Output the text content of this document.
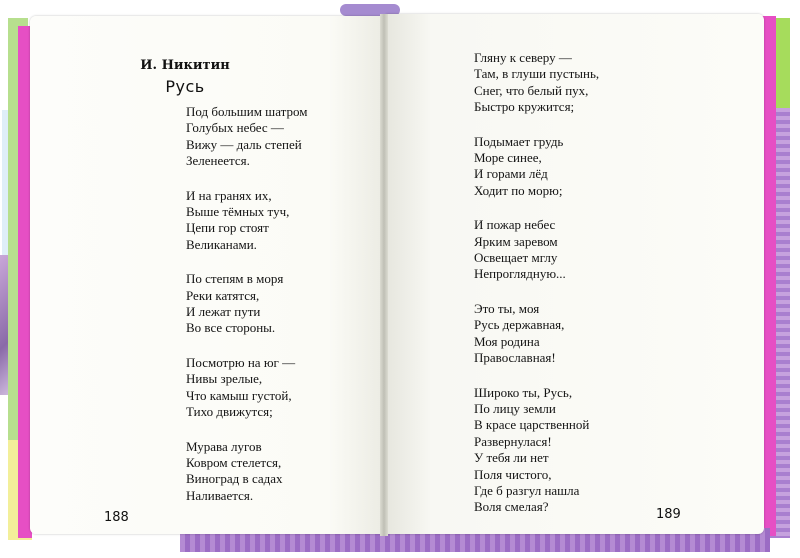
И. Никитин
Русь
Под большим шатром
Голубых небес —
Вижу — даль степей
Зеленеется.
И на гранях их,
Выше тёмных туч,
Цепи гор стоят
Великанами.
По степям в моря
Реки катятся,
И лежат пути
Во все стороны.
Посмотрю на юг —
Нивы зрелые,
Что камыш густой,
Тихо движутся;
Мурава лугов
Ковром стелется,
Виноград в садах
Наливается.
Гляну к северу —
Там, в глуши пустынь,
Снег, что белый пух,
Быстро кружится;
Подымает грудь
Море синее,
И горами лёд
Ходит по морю;
И пожар небес
Ярким заревом
Освещает мглу
Непроглядную...
Это ты, моя
Русь державная,
Моя родина
Православная!
Широко ты, Русь,
По лицу земли
В красе царственной
Развернулася!
У тебя ли нет
Поля чистого,
Где б разгул нашла
Воля смелая?
188	189
